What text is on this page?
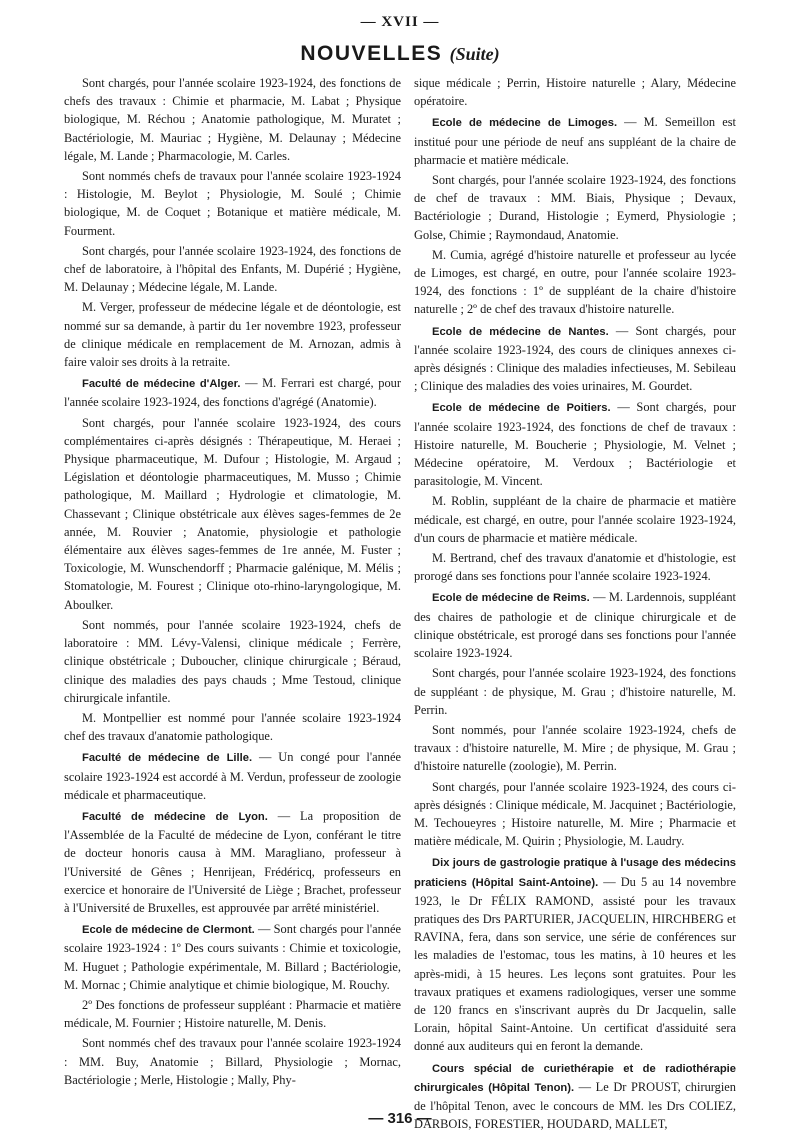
— XVII —
NOUVELLES (Suite)

Sont chargés, pour l'année scolaire 1923-1924, des fonctions de chefs des travaux : Chimie et pharmacie, M. Labat ; Physique biologique, M. Réchou ; Anatomie pathologique, M. Muratet ; Bactériologie, M. Mauriac ; Hygiène, M. Delaunay ; Médecine légale, M. Lande ; Pharmacologie, M. Carles.

Sont nommés chefs de travaux pour l'année scolaire 1923-1924 : Histologie, M. Beylot ; Physiologie, M. Soulé ; Chimie biologique, M. de Coquet ; Botanique et matière médicale, M. Fourment.

Sont chargés, pour l'année scolaire 1923-1924, des fonctions de chef de laboratoire, à l'hôpital des Enfants, M. Dupérié ; Hygiène, M. Delaunay ; Médecine légale, M. Lande.

M. Verger, professeur de médecine légale et de déontologie, est nommé sur sa demande, à partir du 1er novembre 1923, professeur de clinique médicale en remplacement de M. Arnozan, admis à faire valoir ses droits à la retraite.

Faculté de médecine d'Alger. — M. Ferrari est chargé, pour l'année scolaire 1923-1924, des fonctions d'agrégé (Anatomie).

Sont chargés, pour l'année scolaire 1923-1924, des cours complémentaires ci-après désignés : Thérapeutique, M. Heraei ; Physique pharmaceutique, M. Dufour ; Histologie, M. Argaud ; Législation et déontologie pharmaceutiques, M. Musso ; Chimie pathologique, M. Maillard ; Hydrologie et climatologie, M. Chassevant ; Clinique obstétricale aux élèves sages-femmes de 2e année, M. Rouvier ; Anatomie, physiologie et pathologie élémentaire aux élèves sages-femmes de 1re année, M. Fuster ; Toxicologie, M. Wunschendorff ; Pharmacie galénique, M. Mélis ; Stomatologie, M. Fourest ; Clinique oto-rhino-laryngologique, M. Aboulker.

Sont nommés, pour l'année scolaire 1923-1924, chefs de laboratoire : MM. Lévy-Valensi, clinique médicale ; Ferrère, clinique obstétricale ; Duboucher, clinique chirurgicale ; Béraud, clinique des maladies des pays chauds ; Mme Testoud, clinique chirurgicale infantile.

M. Montpellier est nommé pour l'année scolaire 1923-1924 chef des travaux d'anatomie pathologique.

Faculté de médecine de Lille. — Un congé pour l'année scolaire 1923-1924 est accordé à M. Verdun, professeur de zoologie médicale et pharmaceutique.

Faculté de médecine de Lyon. — La proposition de l'Assemblée de la Faculté de médecine de Lyon, conférant le titre de docteur honoris causa à MM. Maragliano, professeur à l'Université de Gênes ; Henrijean, Frédéricq, professeurs en exercice et honoraire de l'Université de Liège ; Brachet, professeur à l'Université de Bruxelles, est approuvée par arrêté ministériel.

Ecole de médecine de Clermont. — Sont chargés pour l'année scolaire 1923-1924 : 1º Des cours suivants : Chimie et toxicologie, M. Huguet ; Pathologie expérimentale, M. Billard ; Bactériologie, M. Mornac ; Chimie analytique et chimie biologique, M. Rouchy.

2º Des fonctions de professeur suppléant : Pharmacie et matière médicale, M. Fournier ; Histoire naturelle, M. Denis.

Sont nommés chef des travaux pour l'année scolaire 1923-1924 : MM. Buy, Anatomie ; Billard, Physiologie ; Mornac, Bactériologie ; Merle, Histologie ; Mally, Phy-

sique médicale ; Perrin, Histoire naturelle ; Alary, Médecine opératoire.

Ecole de médecine de Limoges. — M. Semeillon est institué pour une période de neuf ans suppléant de la chaire de pharmacie et matière médicale.

Sont chargés, pour l'année scolaire 1923-1924, des fonctions de chef de travaux : MM. Biais, Physique ; Devaux, Bactériologie ; Durand, Histologie ; Eymerd, Physiologie ; Golse, Chimie ; Raymondaud, Anatomie.

M. Cumia, agrégé d'histoire naturelle et professeur au lycée de Limoges, est chargé, en outre, pour l'année scolaire 1923-1924, des fonctions : 1º de suppléant de la chaire d'histoire naturelle ; 2º de chef des travaux d'histoire naturelle.

Ecole de médecine de Nantes. — Sont chargés, pour l'année scolaire 1923-1924, des cours de cliniques annexes ci-après désignés : Clinique des maladies infectieuses, M. Sebileau ; Clinique des maladies des voies urinaires, M. Gourdet.

Ecole de médecine de Poitiers. — Sont chargés, pour l'année scolaire 1923-1924, des fonctions de chef de travaux : Histoire naturelle, M. Boucherie ; Physiologie, M. Velnet ; Médecine opératoire, M. Verdoux ; Bactériologie et parasitologie, M. Vincent.

M. Roblin, suppléant de la chaire de pharmacie et matière médicale, est chargé, en outre, pour l'année scolaire 1923-1924, d'un cours de pharmacie et matière médicale.

M. Bertrand, chef des travaux d'anatomie et d'histologie, est prorogé dans ses fonctions pour l'année scolaire 1923-1924.

Ecole de médecine de Reims. — M. Lardennois, suppléant des chaires de pathologie et de clinique chirurgicale et de clinique obstétricale, est prorogé dans ses fonctions pour l'année scolaire 1923-1924.

Sont chargés, pour l'année scolaire 1923-1924, des fonctions de suppléant : de physique, M. Grau ; d'histoire naturelle, M. Perrin.

Sont nommés, pour l'année scolaire 1923-1924, chefs de travaux : d'histoire naturelle, M. Mire ; de physique, M. Grau ; d'histoire naturelle (zoologie), M. Perrin.

Sont chargés, pour l'année scolaire 1923-1924, des cours ci-après désignés : Clinique médicale, M. Jacquinet ; Bactériologie, M. Techoueyres ; Histoire naturelle, M. Mire ; Pharmacie et matière médicale, M. Quirin ; Physiologie, M. Laudry.

Dix jours de gastrologie pratique à l'usage des médecins praticiens (Hôpital Saint-Antoine). — Du 5 au 14 novembre 1923, le Dr FÉLIX RAMOND, assisté pour les travaux pratiques des Drs PARTURIER, JACQUELIN, HIRCHBERG et RAVINA, fera, dans son service, une série de conférences sur les maladies de l'estomac, tous les matins, à 10 heures et les après-midi, à 15 heures. Les leçons sont gratuites. Pour les travaux pratiques et examens radiologiques, verser une somme de 120 francs en s'inscrivant auprès du Dr Jacquelin, salle Lorain, hôpital Saint-Antoine. Un certificat d'assiduité sera donné aux auditeurs qui en feront la demande.

Cours spécial de curiethérapie et de radiothérapie chirurgicales (Hôpital Tenon). — Le Dr PROUST, chirurgien de l'hôpital Tenon, avec le concours de MM. les Drs COLIEZ, DARBOIS, FORESTIER, HOUDARD, MALLET,

— 316 —
